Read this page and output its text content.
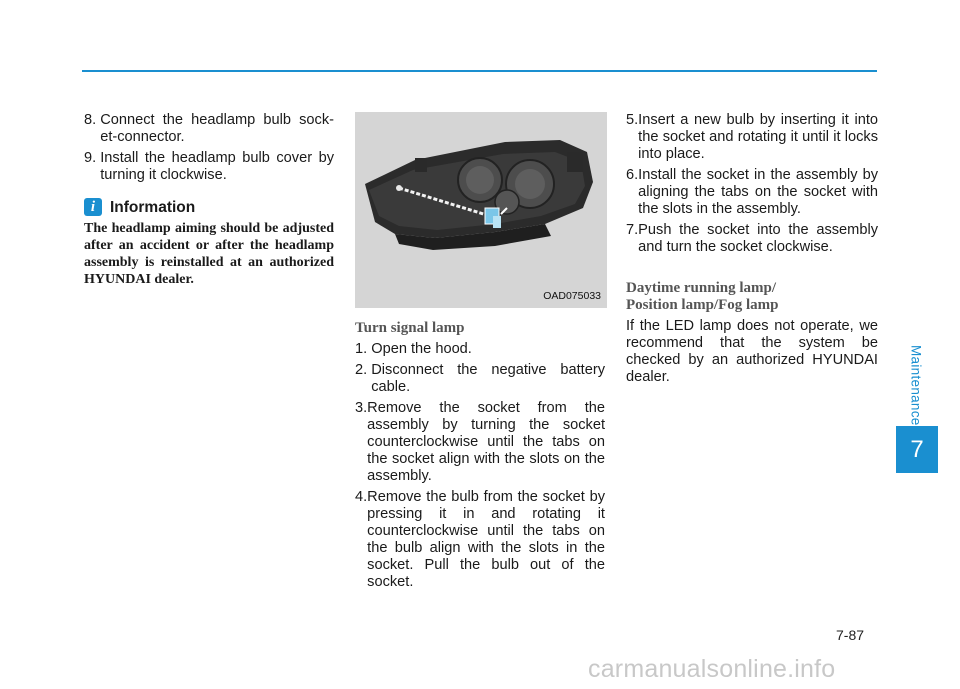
8. Connect the headlamp bulb sock-et-connector.
9. Install the headlamp bulb cover by turning it clockwise.
i Information
The headlamp aiming should be adjusted after an accident or after the headlamp assembly is reinstalled at an authorized HYUNDAI dealer.
OAD075033
Turn signal lamp
1. Open the hood.
2. Disconnect the negative battery cable.
3. Remove the socket from the assembly by turning the socket counterclockwise until the tabs on the socket align with the slots on the assembly.
4. Remove the bulb from the socket by pressing it in and rotating it counterclockwise until the tabs on the bulb align with the slots in the socket. Pull the bulb out of the socket.
5. Insert a new bulb by inserting it into the socket and rotating it until it locks into place.
6. Install the socket in the assembly by aligning the tabs on the socket with the slots in the assembly.
7. Push the socket into the assembly and turn the socket clockwise.
Daytime running lamp/
Position lamp/Fog lamp
If the LED lamp does not operate, we recommend that the system be checked by an authorized HYUNDAI dealer.	Maintenance
7
7-87
carmanualsonline.info
